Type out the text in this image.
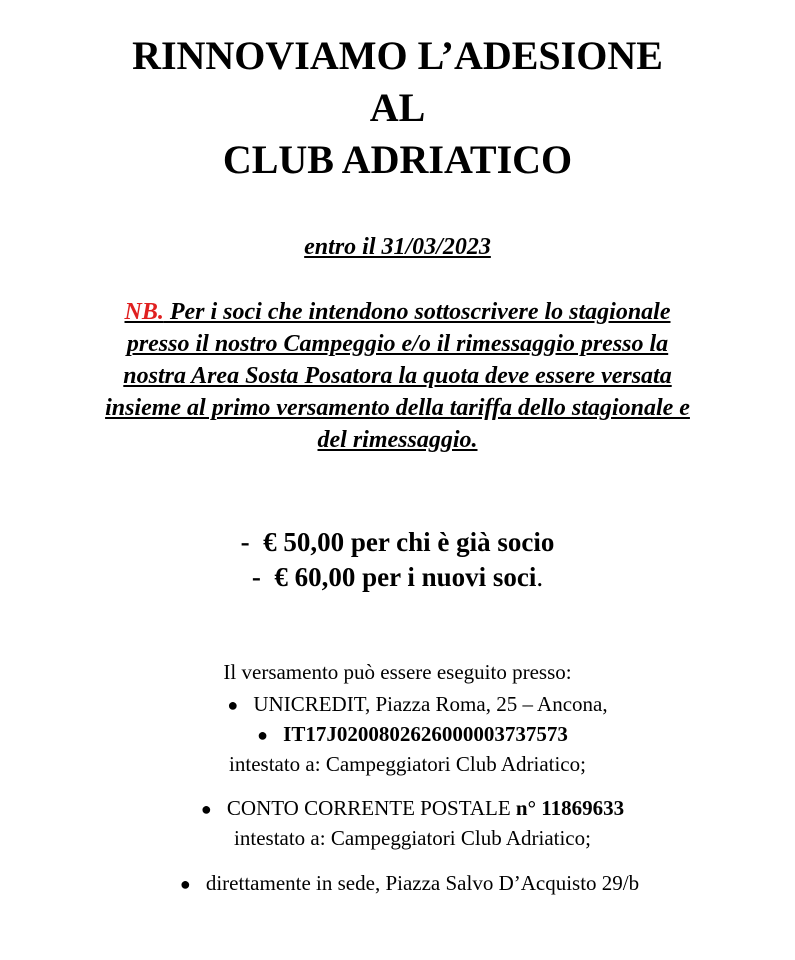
RINNOVIAMO L’ADESIONE
AL
CLUB ADRIATICO
entro il 31/03/2023
NB. Per i soci che intendono sottoscrivere lo stagionale
presso il nostro Campeggio e/o il rimessaggio presso la
nostra Area Sosta Posatora la quota deve essere versata
insieme al primo versamento della tariffa dello stagionale e
del rimessaggio.
- € 50,00 per chi è già socio
- € 60,00 per i nuovi soci.
Il versamento può essere eseguito presso:
● UNICREDIT, Piazza Roma, 25 – Ancona,
● IT17J0200802626000003737573
intestato a: Campeggiatori Club Adriatico;
● CONTO CORRENTE POSTALE n° 11869633
intestato a: Campeggiatori Club Adriatico;
● direttamente in sede, Piazza Salvo D’Acquisto 29/b
